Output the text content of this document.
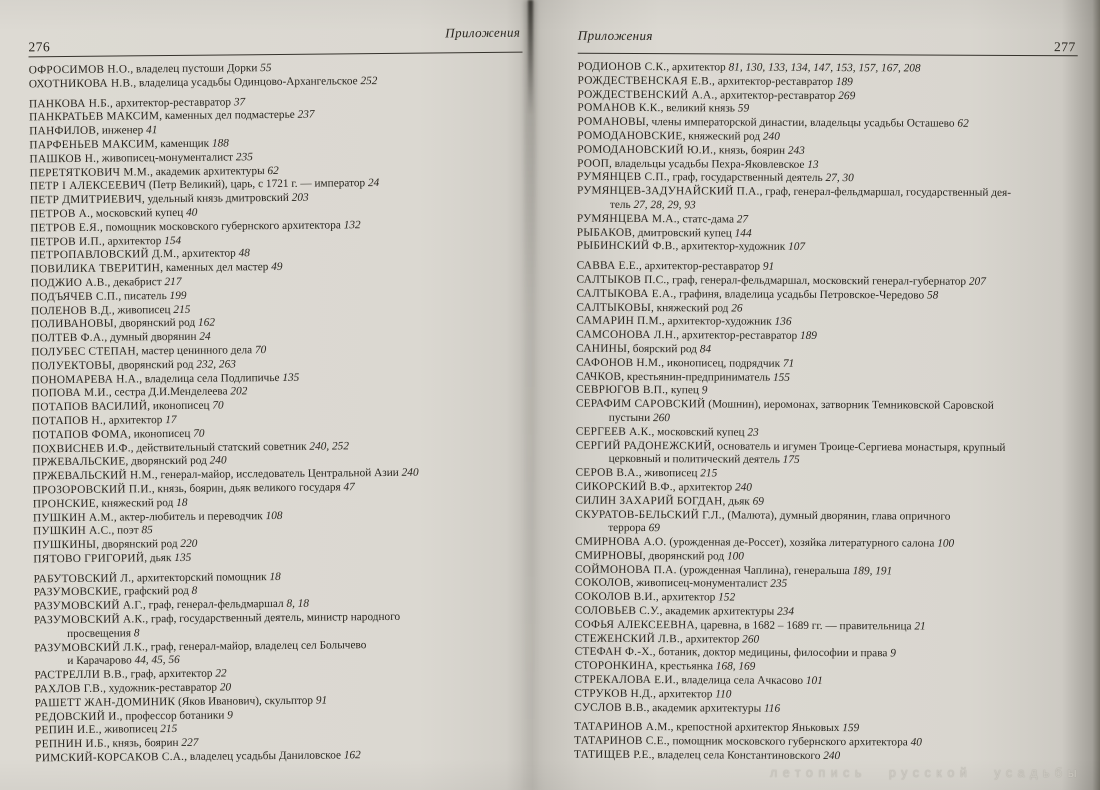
276
Приложения

ОФРОСИМОВ Н.О., владелец пустоши Дорки 55

ОХОТНИКОВА Н.В., владелица усадьбы Одинцово-Архангельское 252

ПАНКОВА Н.Б., архитектор-реставратор 37

ПАНКРАТЬЕВ МАКСИМ, каменных дел подмастерье 237

ПАНФИЛОВ, инженер 41

ПАРФЕНЬЕВ МАКСИМ, каменщик 188

ПАШКОВ Н., живописец-монументалист 235

ПЕРЕТЯТКОВИЧ М.М., академик архитектуры 62

ПЕТР I АЛЕКСЕЕВИЧ (Петр Великий), царь, с 1721 г. — император 24

ПЕТР ДМИТРИЕВИЧ, удельный князь дмитровский 203

ПЕТРОВ А., московский купец 40

ПЕТРОВ Е.Я., помощник московского губернского архитектора 132

ПЕТРОВ И.П., архитектор 154

ПЕТРОПАВЛОВСКИЙ Д.М., архитектор 48

ПОВИЛИКА ТВЕРИТИН, каменных дел мастер 49

ПОДЖИО А.В., декабрист 217

ПОДЪЯЧЕВ С.П., писатель 199

ПОЛЕНОВ В.Д., живописец 215

ПОЛИВАНОВЫ, дворянский род 162

ПОЛТЕВ Ф.А., думный дворянин 24

ПОЛУБЕС СТЕПАН, мастер ценинного дела 70

ПОЛУЕКТОВЫ, дворянский род 232, 263

ПОНОМАРЕВА Н.А., владелица села Подлипичье 135

ПОПОВА М.И., сестра Д.И.Менделеева 202

ПОТАПОВ ВАСИЛИЙ, иконописец 70

ПОТАПОВ Н., архитектор 17

ПОТАПОВ ФОМА, иконописец 70

ПОХВИСНЕВ И.Ф., действительный статский советник 240, 252

ПРЖЕВАЛЬСКИЕ, дворянский род 240

ПРЖЕВАЛЬСКИЙ Н.М., генерал-майор, исследователь Центральной Азии 240

ПРОЗОРОВСКИЙ П.И., князь, боярин, дьяк великого государя 47

ПРОНСКИЕ, княжеский род 18

ПУШКИН А.М., актер-любитель и переводчик 108

ПУШКИН А.С., поэт 85

ПУШКИНЫ, дворянский род 220

ПЯТОВО ГРИГОРИЙ, дьяк 135

РАБУТОВСКИЙ Л., архитекторский помощник 18

РАЗУМОВСКИЕ, графский род 8

РАЗУМОВСКИЙ А.Г., граф, генерал-фельдмаршал 8, 18

РАЗУМОВСКИЙ А.К., граф, государственный деятель, министр народного
просвещения 8

РАЗУМОВСКИЙ Л.К., граф, генерал-майор, владелец сел Болычево
и Карачарово 44, 45, 56

РАСТРЕЛЛИ В.В., граф, архитектор 22

РАХЛОВ Г.В., художник-реставратор 20

РАШЕТТ ЖАН-ДОМИНИК (Яков Иванович), скульптор 91

РЕДОВСКИЙ И., профессор ботаники 9

РЕПИН И.Е., живописец 215

РЕПНИН И.Б., князь, боярин 227

РИМСКИЙ-КОРСАКОВ С.А., владелец усадьбы Даниловское 162

Приложения
277

РОДИОНОВ С.К., архитектор 81, 130, 133, 134, 147, 153, 157, 167, 208

РОЖДЕСТВЕНСКАЯ Е.В., архитектор-реставратор 189

РОЖДЕСТВЕНСКИЙ А.А., архитектор-реставратор 269

РОМАНОВ К.К., великий князь 59

РОМАНОВЫ, члены императорской династии, владельцы усадьбы Осташево 62

РОМОДАНОВСКИЕ, княжеский род 240

РОМОДАНОВСКИЙ Ю.И., князь, боярин 243

РООП, владельцы усадьбы Пехра-Яковлевское 13

РУМЯНЦЕВ С.П., граф, государственный деятель 27, 30

РУМЯНЦЕВ-ЗАДУНАЙСКИЙ П.А., граф, генерал-фельдмаршал, государственный дея-
тель 27, 28, 29, 93

РУМЯНЦЕВА М.А., статс-дама 27

РЫБАКОВ, дмитровский купец 144

РЫБИНСКИЙ Ф.В., архитектор-художник 107

САВВА Е.Е., архитектор-реставратор 91

САЛТЫКОВ П.С., граф, генерал-фельдмаршал, московский генерал-губернатор 207

САЛТЫКОВА Е.А., графиня, владелица усадьбы Петровское-Чередово 58

САЛТЫКОВЫ, княжеский род 26

САМАРИН П.М., архитектор-художник 136

САМСОНОВА Л.Н., архитектор-реставратор 189

САНИНЫ, боярский род 84

САФОНОВ Н.М., иконописец, подрядчик 71

САЧКОВ, крестьянин-предприниматель 155

СЕВРЮГОВ В.П., купец 9

СЕРАФИМ САРОВСКИЙ (Мошнин), иеромонах, затворник Темниковской Саровской
пустыни 260

СЕРГЕЕВ А.К., московский купец 23

СЕРГИЙ РАДОНЕЖСКИЙ, основатель и игумен Троице-Сергиева монастыря, крупный
церковный и политический деятель 175

СЕРОВ В.А., живописец 215

СИКОРСКИЙ В.Ф., архитектор 240

СИЛИН ЗАХАРИЙ БОГДАН, дьяк 69

СКУРАТОВ-БЕЛЬСКИЙ Г.Л., (Малюта), думный дворянин, глава опричного
террора 69

СМИРНОВА А.О. (урожденная де-Россет), хозяйка литературного салона 100

СМИРНОВЫ, дворянский род 100

СОЙМОНОВА П.А. (урожденная Чаплина), генеральша 189, 191

СОКОЛОВ, живописец-монументалист 235

СОКОЛОВ В.И., архитектор 152

СОЛОВЬЕВ С.У., академик архитектуры 234

СОФЬЯ АЛЕКСЕЕВНА, царевна, в 1682 – 1689 гг. — правительница 21

СТЕЖЕНСКИЙ Л.В., архитектор 260

СТЕФАН Ф.-Х., ботаник, доктор медицины, философии и права 9

СТОРОНКИНА, крестьянка 168, 169

СТРЕКАЛОВА Е.И., владелица села Ачкасово 101

СТРУКОВ Н.Д., архитектор 110

СУСЛОВ В.В., академик архитектуры 116

ТАТАРИНОВ А.М., крепостной архитектор Яньковых 159

ТАТАРИНОВ С.Е., помощник московского губернского архитектора 40

ТАТИЩЕВ Р.Е., владелец села Константиновского 240

летопись русской усадьбы
